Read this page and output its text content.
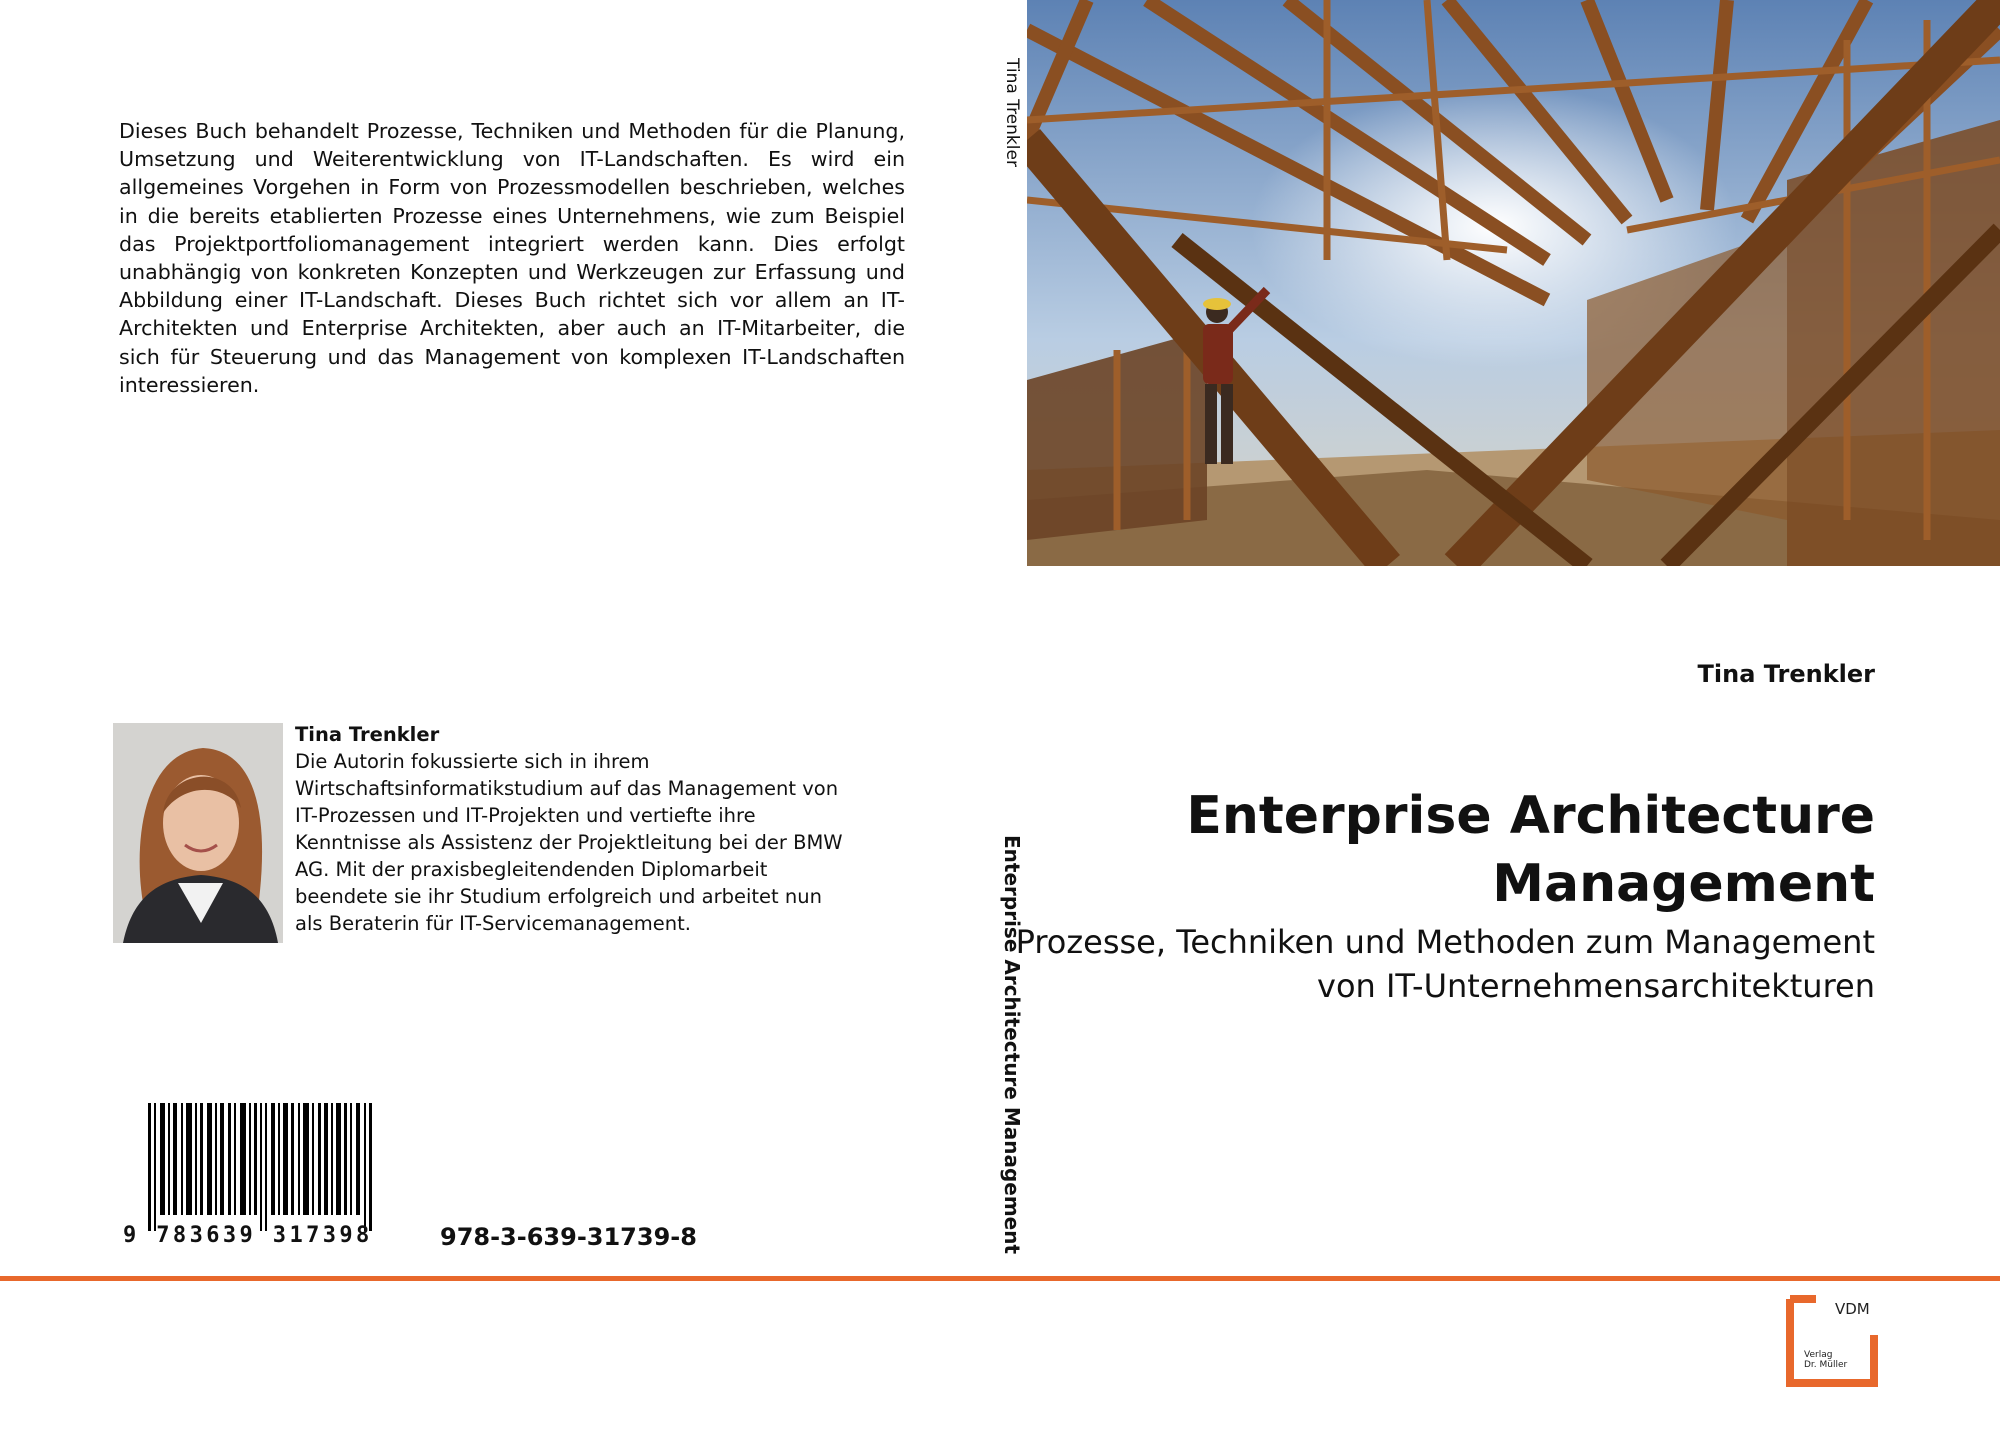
Dieses Buch behandelt Prozesse, Techniken und Methoden für die Planung, Umsetzung und Weiterentwicklung von IT-Landschaften. Es wird ein allgemeines Vorgehen in Form von Prozessmodellen beschrieben, welches in die bereits etablierten Prozesse eines Unternehmens, wie zum Beispiel das Projektportfoliomanagement integriert werden kann. Dies erfolgt unabhängig von konkreten Konzepten und Werkzeugen zur Erfassung und Abbildung einer IT-Landschaft. Dieses Buch richtet sich vor allem an IT-Architekten und Enterprise Architekten, aber auch an IT-Mitarbeiter, die sich für Steuerung und das Management von komplexen IT-Landschaften interessieren.

Tina Trenkler
Enterprise Architecture Management
Tina Trenkler
Enterprise Architecture Management
Prozesse, Techniken und Methoden zum Management von IT-Unternehmensarchitekturen
Tina Trenkler
Die Autorin fokussierte sich in ihrem Wirtschaftsinformatikstudium auf das Management von IT-Prozessen und IT-Projekten und vertiefte ihre Kenntnisse als Assistenz der Projektleitung bei der BMW AG. Mit der praxisbegleitendenden Diplomarbeit beendete sie ihr Studium erfolgreich und arbeitet nun als Beraterin für IT-Servicemanagement.
9 783639 317398	978-3-639-31739-8
VDM
Verlag
Dr. Müller
